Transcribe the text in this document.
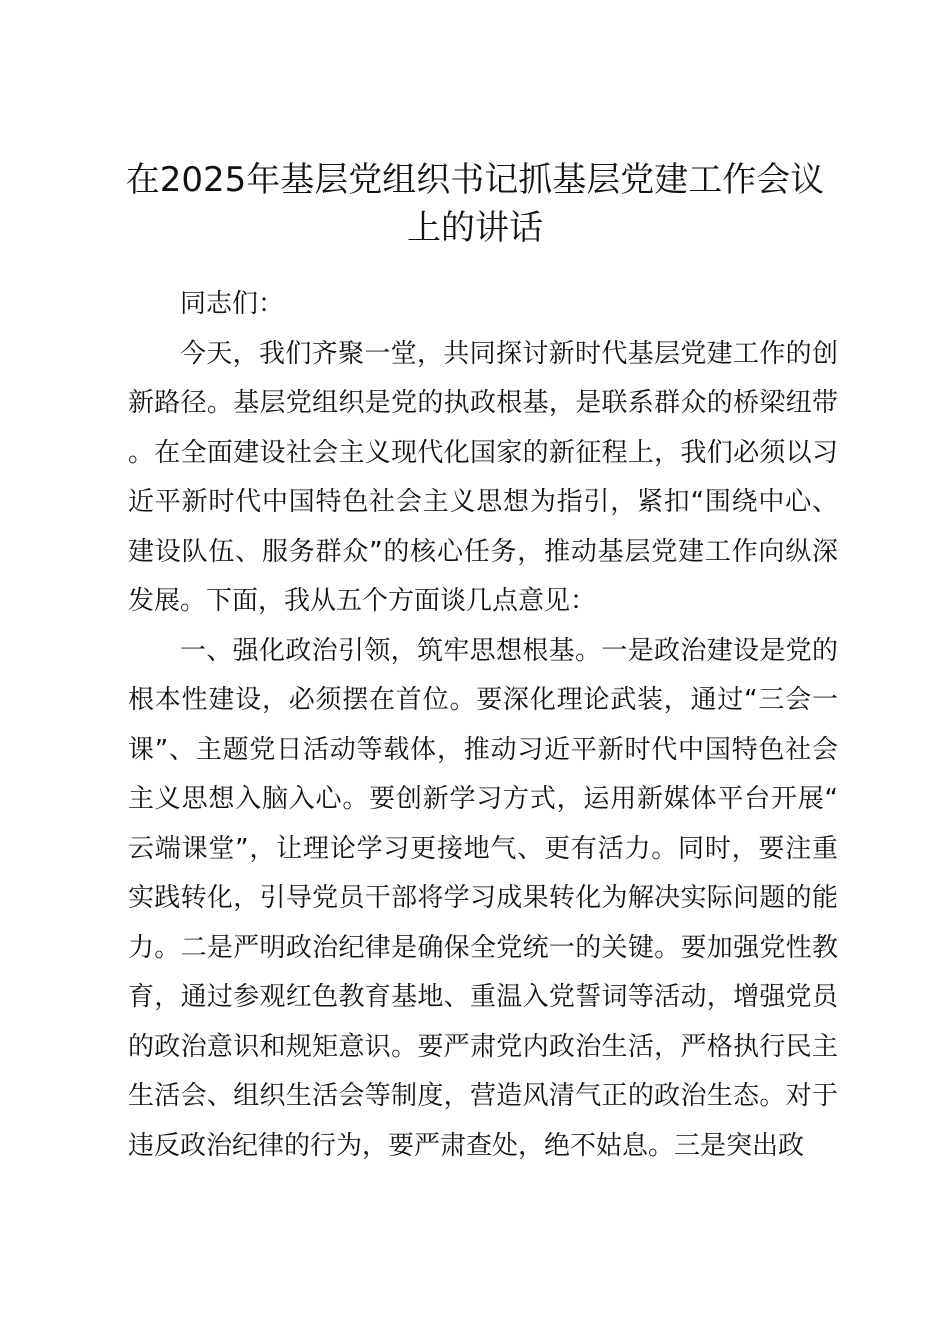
在2025年基层党组织书记抓基层党建工作会议上的讲话

同志们：

今天，我们齐聚一堂，共同探讨新时代基层党建工作的创新路径。基层党组织是党的执政根基，是联系群众的桥梁纽带。在全面建设社会主义现代化国家的新征程上，我们必须以习近平新时代中国特色社会主义思想为指引，紧扣“围绕中心、建设队伍、服务群众”的核心任务，推动基层党建工作向纵深发展。下面，我从五个方面谈几点意见：

一、强化政治引领，筑牢思想根基。一是政治建设是党的根本性建设，必须摆在首位。要深化理论武装，通过“三会一课”、主题党日活动等载体，推动习近平新时代中国特色社会主义思想入脑入心。要创新学习方式，运用新媒体平台开展“云端课堂”，让理论学习更接地气、更有活力。同时，要注重实践转化，引导党员干部将学习成果转化为解决实际问题的能力。二是严明政治纪律是确保全党统一的关键。要加强党性教育，通过参观红色教育基地、重温入党誓词等活动，增强党员的政治意识和规矩意识。要严肃党内政治生活，严格执行民主生活会、组织生活会等制度，营造风清气正的政治生态。对于违反政治纪律的行为，要严肃查处，绝不姑息。三是突出政
